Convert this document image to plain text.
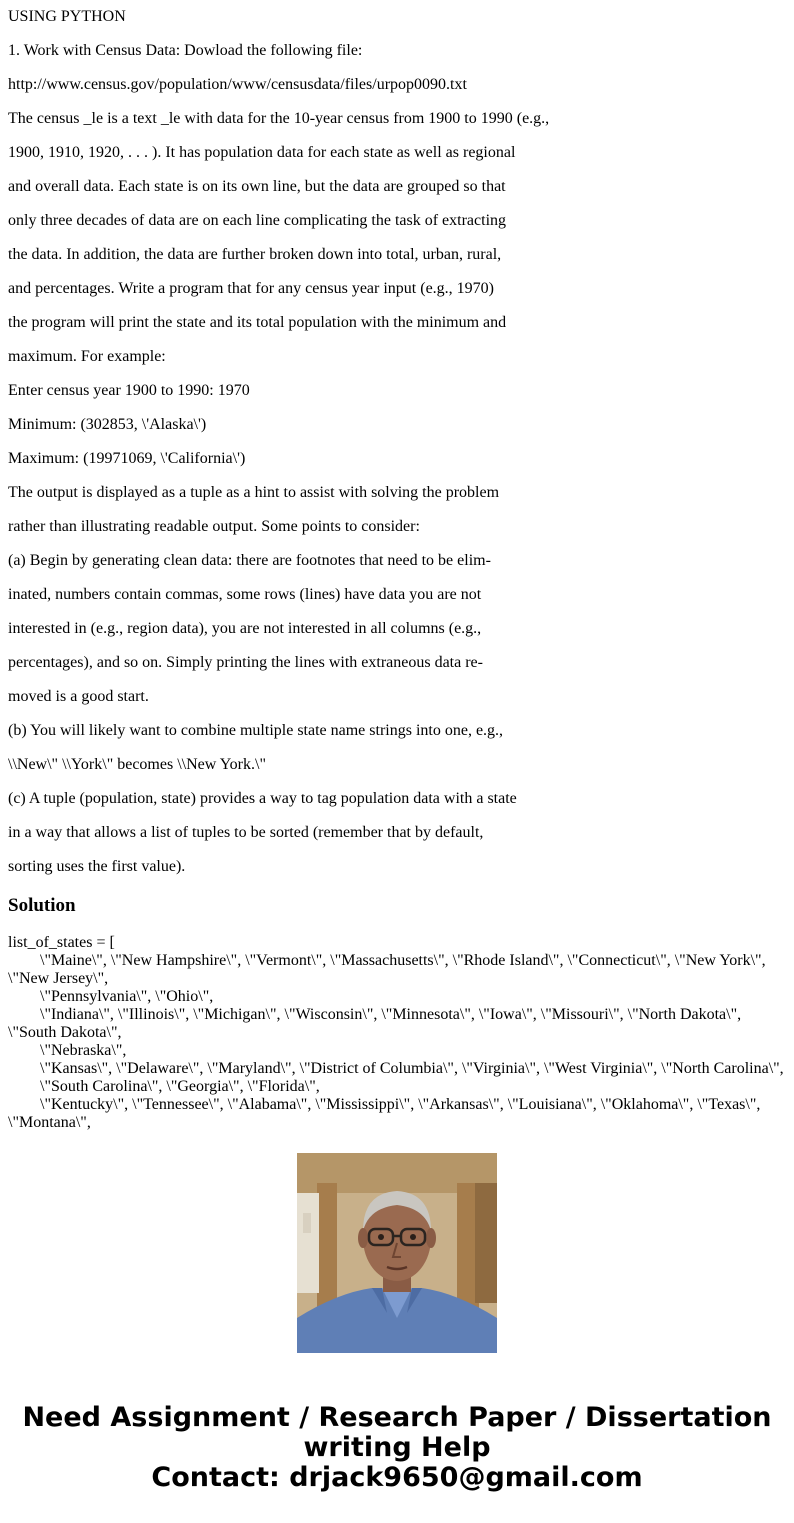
USING PYTHON

1. Work with Census Data: Dowload the following file:

http://www.census.gov/population/www/censusdata/files/urpop0090.txt

The census _le is a text _le with data for the 10-year census from 1900 to 1990 (e.g.,

1900, 1910, 1920, . . . ). It has population data for each state as well as regional

and overall data. Each state is on its own line, but the data are grouped so that

only three decades of data are on each line complicating the task of extracting

the data. In addition, the data are further broken down into total, urban, rural,

and percentages. Write a program that for any census year input (e.g., 1970)

the program will print the state and its total population with the minimum and

maximum. For example:

Enter census year 1900 to 1990: 1970

Minimum: (302853, \'Alaska\')

Maximum: (19971069, \'California\')

The output is displayed as a tuple as a hint to assist with solving the problem

rather than illustrating readable output. Some points to consider:

(a) Begin by generating clean data: there are footnotes that need to be elim-

inated, numbers contain commas, some rows (lines) have data you are not

interested in (e.g., region data), you are not interested in all columns (e.g.,

percentages), and so on. Simply printing the lines with extraneous data re-

moved is a good start.

(b) You will likely want to combine multiple state name strings into one, e.g.,

\\New\" \\York\" becomes \\New York.\"

(c) A tuple (population, state) provides a way to tag population data with a state

in a way that allows a list of tuples to be sorted (remember that by default,

sorting uses the first value).

Solution

list_of_states = [

\"Maine\", \"New Hampshire\", \"Vermont\", \"Massachusetts\", \"Rhode Island\", \"Connecticut\", \"New York\", \"New Jersey\",

\"Pennsylvania\", \"Ohio\",

\"Indiana\", \"Illinois\", \"Michigan\", \"Wisconsin\", \"Minnesota\", \"Iowa\", \"Missouri\", \"North Dakota\", \"South Dakota\",

\"Nebraska\",

\"Kansas\", \"Delaware\", \"Maryland\", \"District of Columbia\", \"Virginia\", \"West Virginia\", \"North Carolina\",

\"South Carolina\", \"Georgia\", \"Florida\",

\"Kentucky\", \"Tennessee\", \"Alabama\", \"Mississippi\", \"Arkansas\", \"Louisiana\", \"Oklahoma\", \"Texas\", \"Montana\",

Need Assignment / Research Paper / Dissertation

writing Help

Contact: drjack9650@gmail.com
